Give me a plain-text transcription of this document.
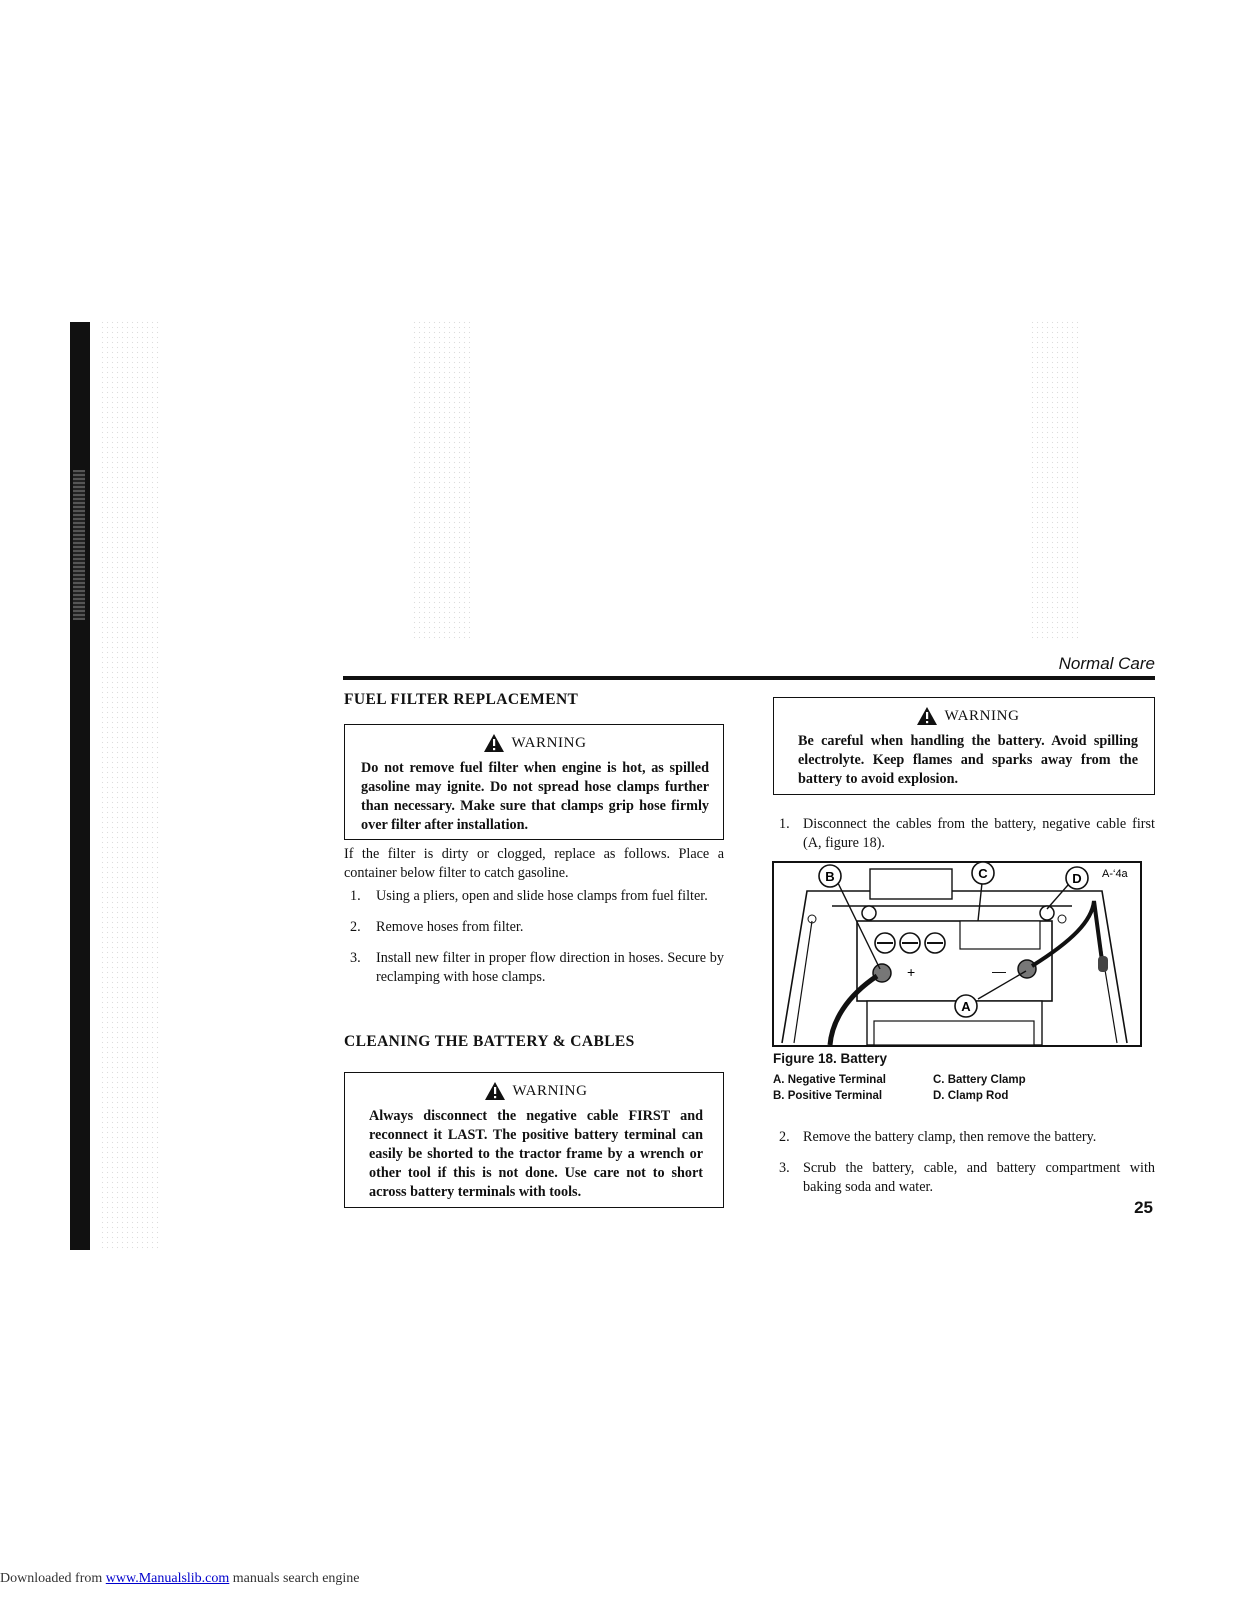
Normal Care
FUEL FILTER REPLACEMENT
WARNING
Do not remove fuel filter when engine is hot, as spilled gasoline may ignite. Do not spread hose clamps further than necessary. Make sure that clamps grip hose firmly over filter after installation.
If the filter is dirty or clogged, replace as follows. Place a container below filter to catch gasoline.
1.	Using a pliers, open and slide hose clamps from fuel filter.
2.	Remove hoses from filter.
3.	Install new filter in proper flow direction in hoses. Secure by reclamping with hose clamps.
CLEANING THE BATTERY & CABLES
WARNING
Always disconnect the negative cable FIRST and reconnect it LAST. The positive battery terminal can easily be shorted to the tractor frame by a wrench or other tool if this is not done. Use care not to short across battery terminals with tools.
WARNING
Be careful when handling the battery. Avoid spilling electrolyte. Keep flames and sparks away from the battery to avoid explosion.
1. Disconnect the cables from the battery, negative cable first (A, figure 18).
+	—
B	C	D
A
A-‘4a
Figure 18. Battery
A. Negative Terminal
B. Positive Terminal
C. Battery Clamp
D. Clamp Rod
2. Remove the battery clamp, then remove the battery.
3. Scrub the battery, cable, and battery compartment with baking soda and water.
25
Downloaded from www.Manualslib.com manuals search engine
